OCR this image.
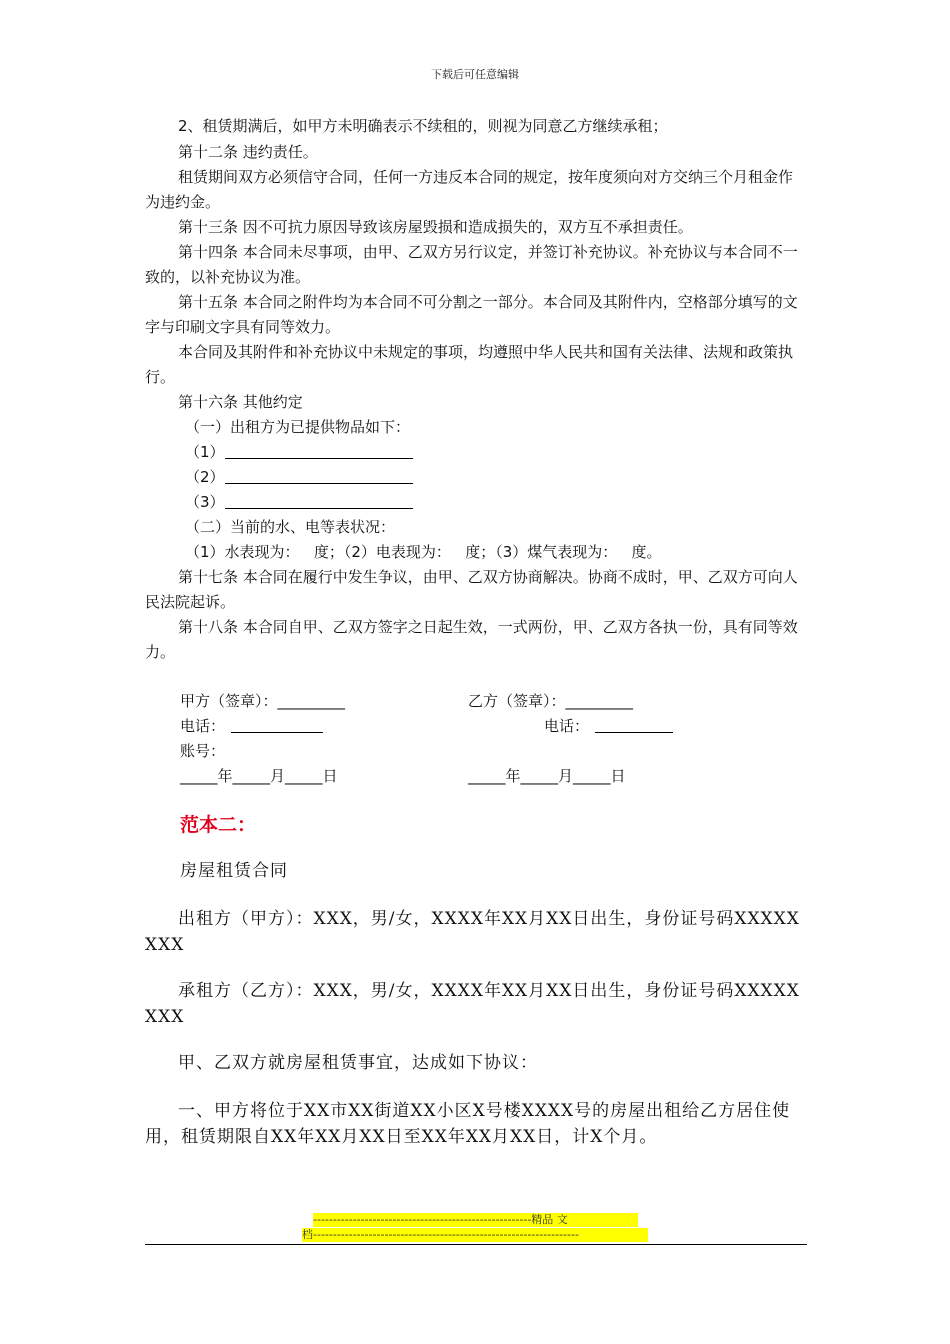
下载后可任意编辑
2、租赁期满后，如甲方未明确表示不续租的，则视为同意乙方继续承租；
第十二条 违约责任。
租赁期间双方必须信守合同，任何一方违反本合同的规定，按年度须向对方交纳三个月租金作为违约金。
第十三条 因不可抗力原因导致该房屋毁损和造成损失的，双方互不承担责任。
第十四条 本合同未尽事项，由甲、乙双方另行议定，并签订补充协议。补充协议与本合同不一致的，以补充协议为准。
第十五条 本合同之附件均为本合同不可分割之一部分。本合同及其附件内，空格部分填写的文字与印刷文字具有同等效力。
本合同及其附件和补充协议中未规定的事项，均遵照中华人民共和国有关法律、法规和政策执行。
第十六条 其他约定
（一）出租方为已提供物品如下：
（1）
（2）
（3）
（二）当前的水、电等表状况：
（1）水表现为：   度；（2）电表现为：   度；（3）煤气表现为：   度。
第十七条 本合同在履行中发生争议，由甲、乙双方协商解决。协商不成时，甲、乙双方可向人民法院起诉。
第十八条 本合同自甲、乙双方签字之日起生效，一式两份，甲、乙双方各执一份，具有同等效力。
甲方（签章）：_________	乙方（签章）：_________
电话：	电话：
账号：
_____年_____月_____日	_____年_____月_____日
范本二：
房屋租赁合同
出租方（甲方）：XXX，男/女，XXXX年XX月XX日出生，身份证号码XXXXXXXX
承租方（乙方）：XXX，男/女，XXXX年XX月XX日出生，身份证号码XXXXXXXX
甲、乙双方就房屋租赁事宜，达成如下协议：
一、甲方将位于XX市XX街道XX小区X号楼XXXX号的房屋出租给乙方居住使用，租赁期限自XX年XX月XX日至XX年XX月XX日，计X个月。
-------------------------------------------------------精品 文
档-------------------------------------------------------------------
